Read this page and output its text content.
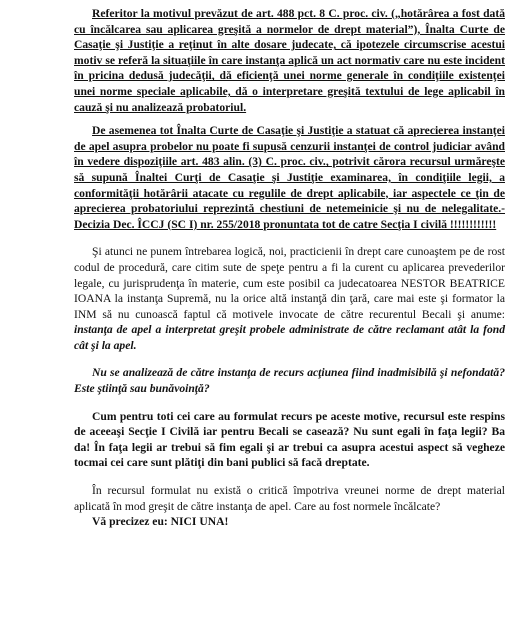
Referitor la motivul prevăzut de art. 488 pct. 8 C. proc. civ. („hotărârea a fost dată cu încălcarea sau aplicarea greşită a normelor de drept material”), Înalta Curte de Casaţie şi Justiţie a reţinut în alte dosare judecate, că ipotezele circumscrise acestui motiv se referă la situaţiile în care instanţa aplică un act normativ care nu este incident în pricina dedusă judecăţii, dă eficienţă unei norme generale în condiţiile existenţei unei norme speciale aplicabile, dă o interpretare greşită textului de lege aplicabil în cauză şi nu analizează probatoriul.

De asemenea tot Înalta Curte de Casaţie şi Justiţie a statuat că aprecierea instanţei de apel asupra probelor nu poate fi supusă cenzurii instanţei de control judiciar având în vedere dispoziţiile art. 483 alin. (3) C. proc. civ., potrivit cărora recursul urmăreşte să supună Înaltei Curţi de Casaţie şi Justiţie examinarea, în condiţiile legii, a conformităţii hotărârii atacate cu regulile de drept aplicabile, iar aspectele ce ţin de aprecierea probatoriului reprezintă chestiuni de netemeinicie şi nu de nelegalitate.- Decizia Dec. ÎCCJ (SC I) nr. 255/2018 pronuntata tot de catre Secţia I civilă !!!!!!!!!!!!

Şi atunci ne punem întrebarea logică, noi, practicienii în drept care cunoaştem pe de rost codul de procedură, care citim sute de speţe pentru a fi la curent cu aplicarea prevederilor legale, cu jurisprudenţa în materie, cum este posibil ca judecatoarea NESTOR BEATRICE IOANA la instanţa Supremă, nu la orice altă instanţă din ţară, care mai este şi formator la INM să nu cunoască faptul că motivele invocate de către recurentul Becali şi anume: instanţa de apel a interpretat greşit probele administrate de către reclamant atât la fond cât şi la apel.

Nu se analizează de către instanţa de recurs acţiunea fiind inadmisibilă şi nefondată? Este ştiinţă sau bunăvoinţă?

Cum pentru toti cei care au formulat recurs pe aceste motive, recursul este respins de aceeaşi Secţie I Civilă iar pentru Becali se casează? Nu sunt egali în faţa legii? Ba da! În faţa legii ar trebui să fim egali şi ar trebui ca asupra acestui aspect să vegheze tocmai cei care sunt plătiţi din bani publici să facă dreptate.

În recursul formulat nu există o critică împotriva vreunei norme de drept material aplicată în mod greşit de către instanţa de apel. Care au fost normele încălcate?

Vă precizez eu: NICI UNA!
